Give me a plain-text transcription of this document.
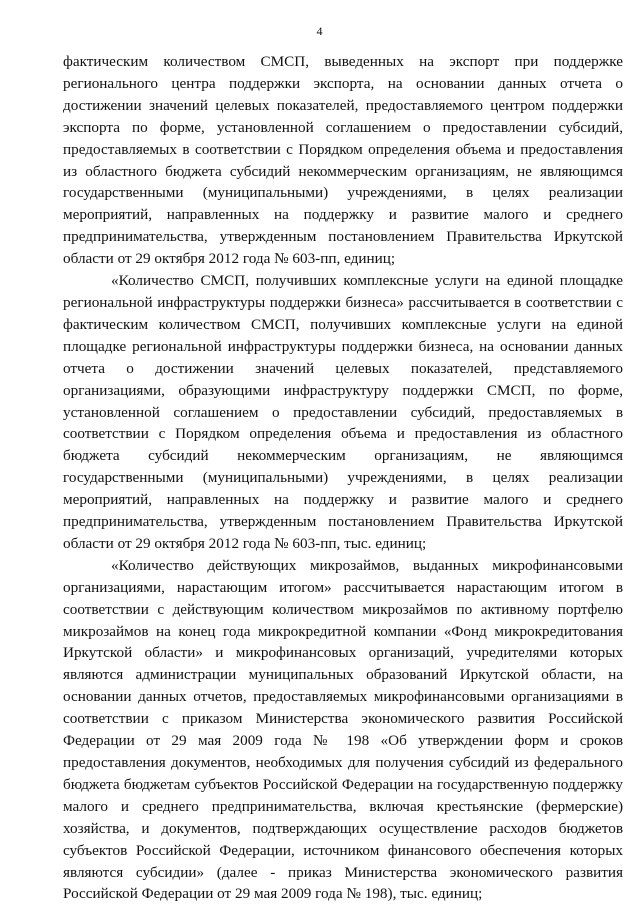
4

фактическим количеством СМСП, выведенных на экспорт при поддержке регионального центра поддержки экспорта, на основании данных отчета о достижении значений целевых показателей, предоставляемого центром поддержки экспорта по форме, установленной соглашением о предоставлении субсидий, предоставляемых в соответствии с Порядком определения объема и предоставления из областного бюджета субсидий некоммерческим организациям, не являющимся государственными (муниципальными) учреждениями, в целях реализации мероприятий, направленных на поддержку и развитие малого и среднего предпринимательства, утвержденным постановлением Правительства Иркутской области от 29 октября 2012 года № 603-пп, единиц;

«Количество СМСП, получивших комплексные услуги на единой площадке региональной инфраструктуры поддержки бизнеса» рассчитывается в соответствии с фактическим количеством СМСП, получивших комплексные услуги на единой площадке региональной инфраструктуры поддержки бизнеса, на основании данных отчета о достижении значений целевых показателей, представляемого организациями, образующими инфраструктуру поддержки СМСП, по форме, установленной соглашением о предоставлении субсидий, предоставляемых в соответствии с Порядком определения объема и предоставления из областного бюджета субсидий некоммерческим организациям, не являющимся государственными (муниципальными) учреждениями, в целях реализации мероприятий, направленных на поддержку и развитие малого и среднего предпринимательства, утвержденным постановлением Правительства Иркутской области от 29 октября 2012 года № 603-пп, тыс. единиц;

«Количество действующих микрозаймов, выданных микрофинансовыми организациями, нарастающим итогом» рассчитывается нарастающим итогом в соответствии с действующим количеством микрозаймов по активному портфелю микрозаймов на конец года микрокредитной компании «Фонд микрокредитования Иркутской области» и микрофинансовых организаций, учредителями которых являются администрации муниципальных образований Иркутской области, на основании данных отчетов, предоставляемых микрофинансовыми организациями в соответствии с приказом Министерства экономического развития Российской Федерации от 29 мая 2009 года № 198 «Об утверждении форм и сроков предоставления документов, необходимых для получения субсидий из федерального бюджета бюджетам субъектов Российской Федерации на государственную поддержку малого и среднего предпринимательства, включая крестьянские (фермерские) хозяйства, и документов, подтверждающих осуществление расходов бюджетов субъектов Российской Федерации, источником финансового обеспечения которых являются субсидии» (далее - приказ Министерства экономического развития Российской Федерации от 29 мая 2009 года № 198), тыс. единиц;
